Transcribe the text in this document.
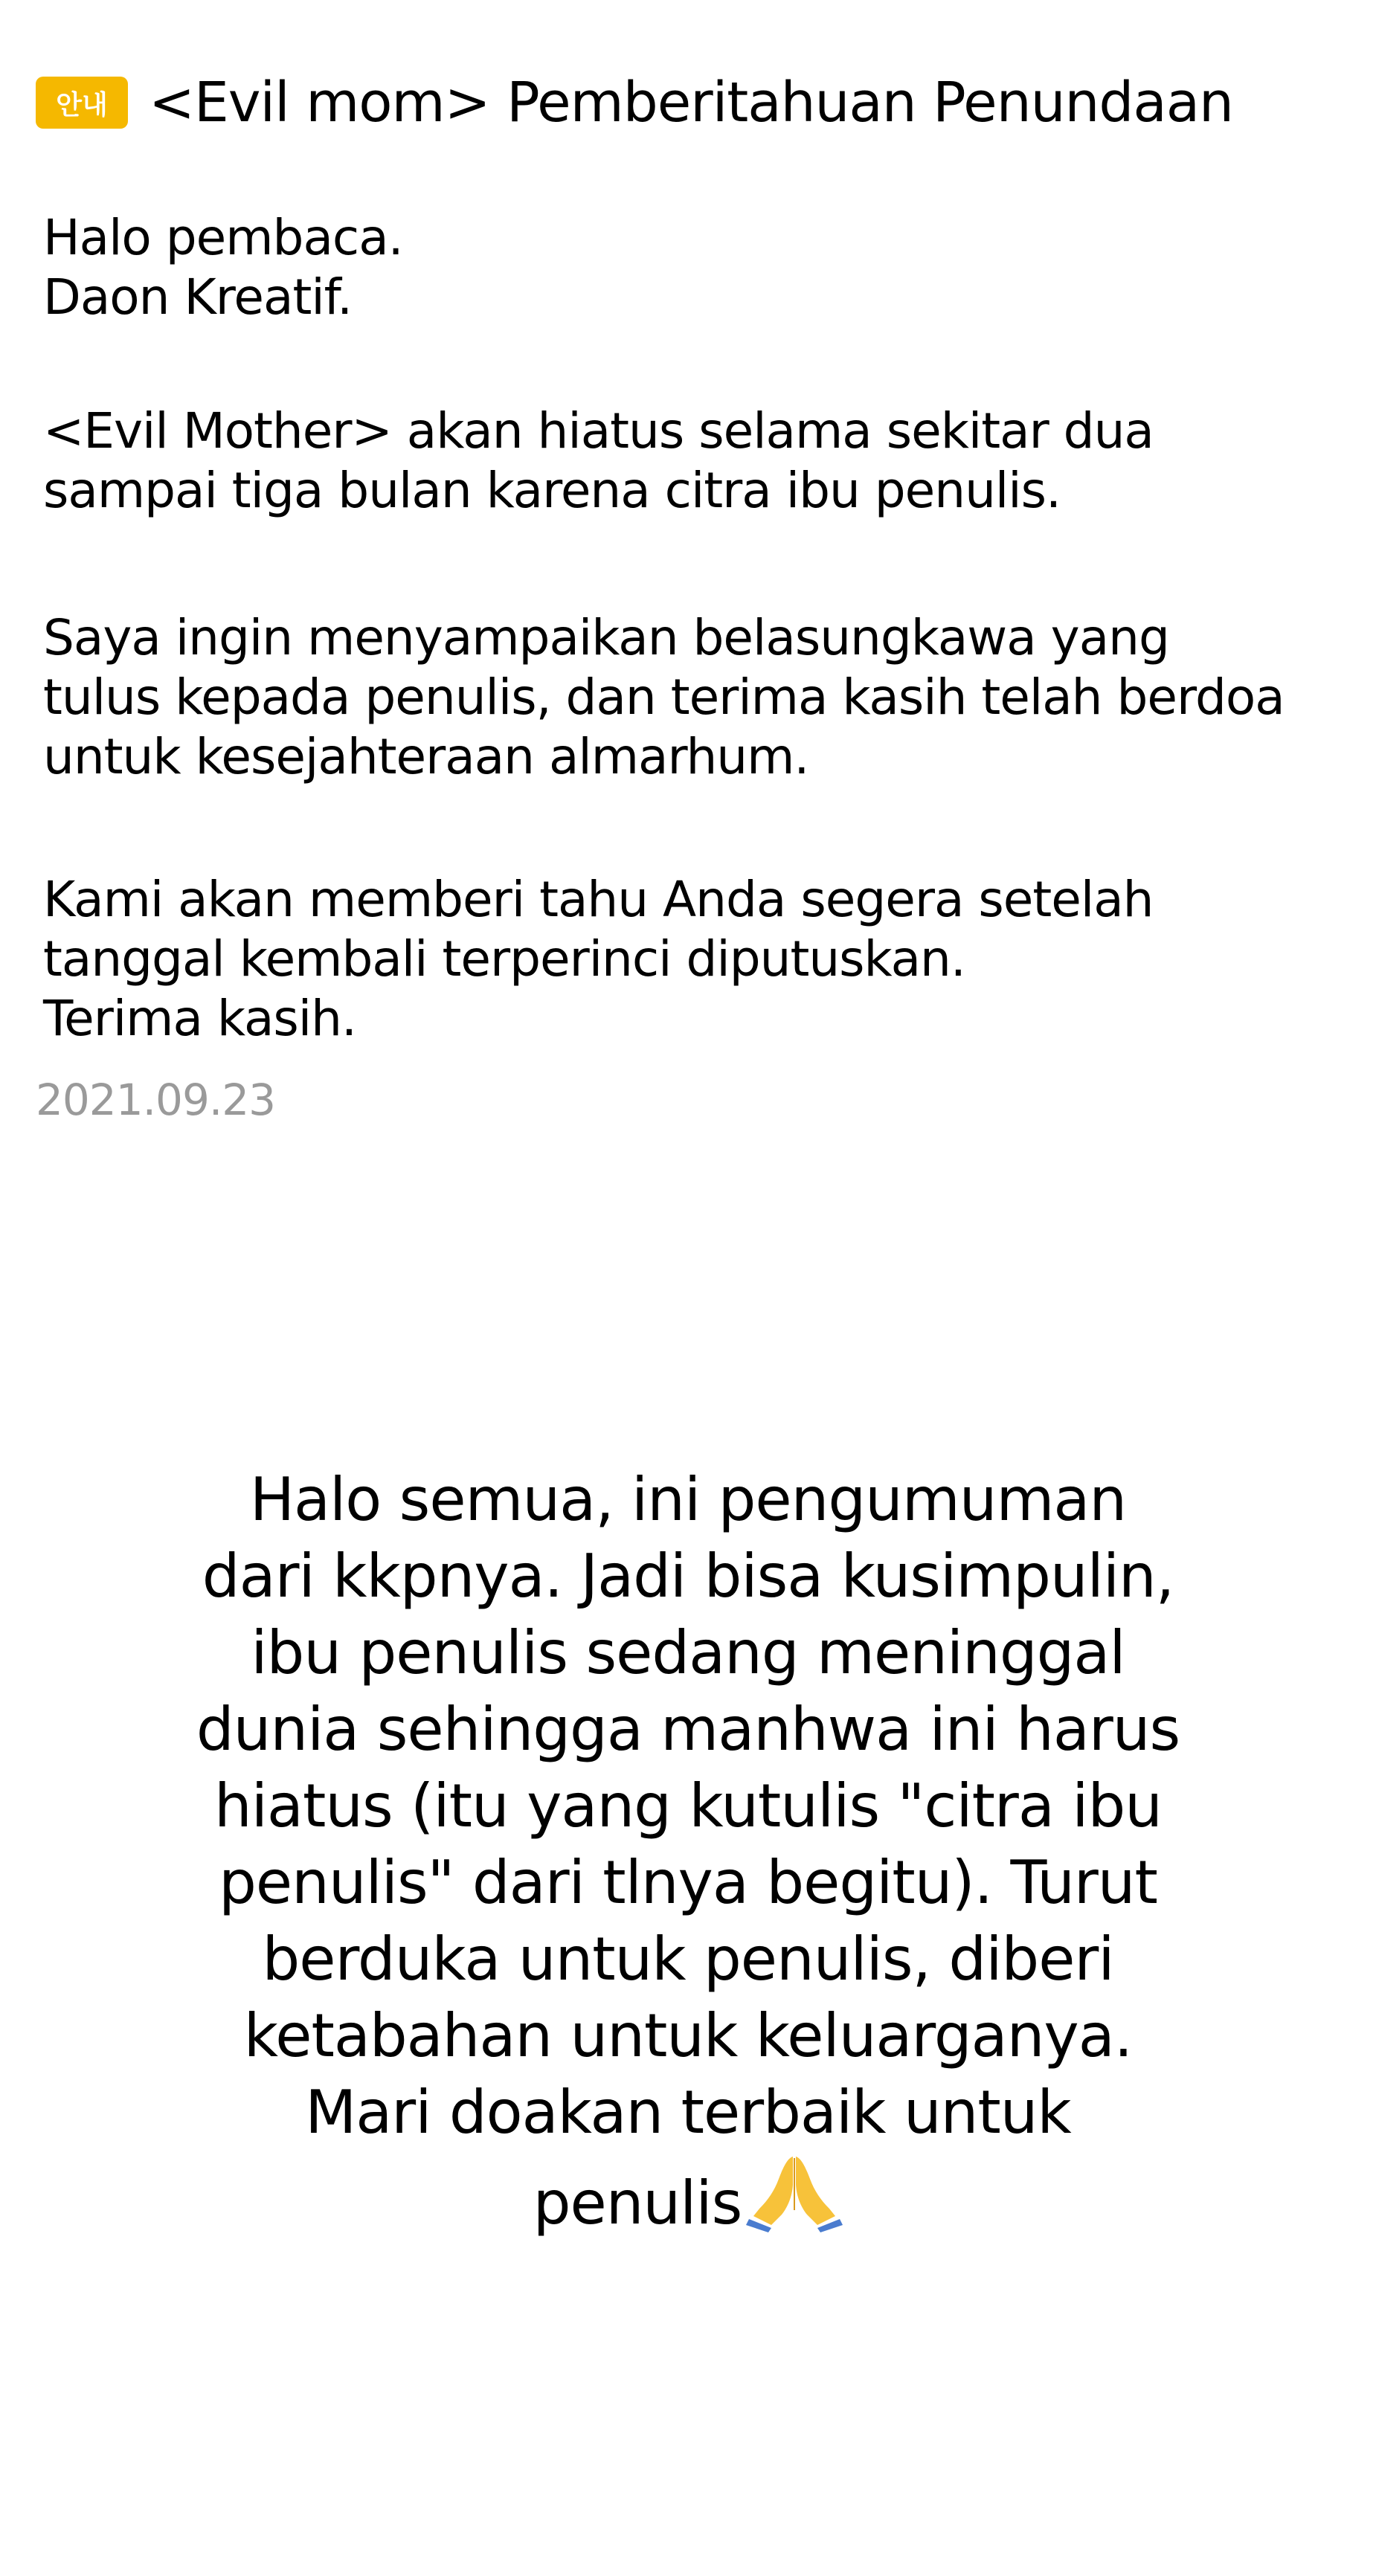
안내 <Evil mom> Pemberitahuan Penundaan
Halo pembaca.
Daon Kreatif.
<Evil Mother> akan hiatus selama sekitar dua
sampai tiga bulan karena citra ibu penulis.
Saya ingin menyampaikan belasungkawa yang
tulus kepada penulis, dan terima kasih telah berdoa
untuk kesejahteraan almarhum.
Kami akan memberi tahu Anda segera setelah
tanggal kembali terperinci diputuskan.
Terima kasih.
2021.09.23
Halo semua, ini pengumuman
dari kkpnya. Jadi bisa kusimpulin,
ibu penulis sedang meninggal
dunia sehingga manhwa ini harus
hiatus (itu yang kutulis "citra ibu
penulis" dari tlnya begitu). Turut
berduka untuk penulis, diberi
ketabahan untuk keluarganya.
Mari doakan terbaik untuk
penulis
